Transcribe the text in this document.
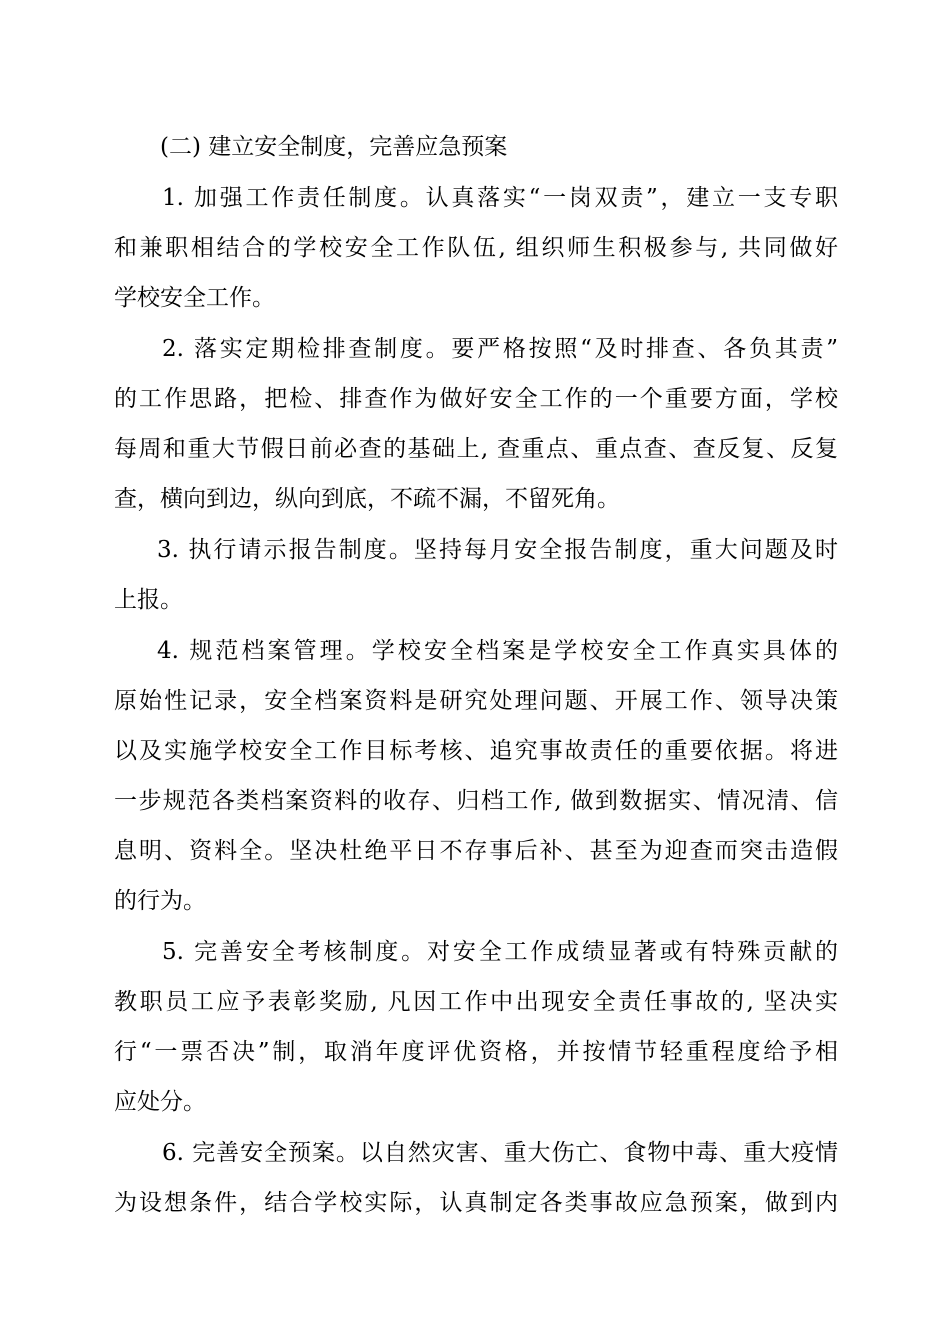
(二) 建立安全制度，完善应急预案

1. 加强工作责任制度。认真落实“一岗双责”，建立一支专职

和兼职相结合的学校安全工作队伍, 组织师生积极参与, 共同做好

学校安全工作。

2. 落实定期检排查制度。要严格按照“及时排查、各负其责”

的工作思路，把检、排查作为做好安全工作的一个重要方面，学校

每周和重大节假日前必查的基础上, 查重点、重点查、查反复、反复

查，横向到边，纵向到底，不疏不漏，不留死角。

3. 执行请示报告制度。坚持每月安全报告制度，重大问题及时

上报。

4. 规范档案管理。学校安全档案是学校安全工作真实具体的

原始性记录，安全档案资料是研究处理问题、开展工作、领导决策

以及实施学校安全工作目标考核、追究事故责任的重要依据。将进

一步规范各类档案资料的收存、归档工作, 做到数据实、情况清、信

息明、资料全。坚决杜绝平日不存事后补、甚至为迎查而突击造假

的行为。

5. 完善安全考核制度。对安全工作成绩显著或有特殊贡献的

教职员工应予表彰奖励, 凡因工作中出现安全责任事故的, 坚决实

行“一票否决”制，取消年度评优资格，并按情节轻重程度给予相

应处分。

6. 完善安全预案。以自然灾害、重大伤亡、食物中毒、重大疫情

为设想条件，结合学校实际，认真制定各类事故应急预案，做到内
